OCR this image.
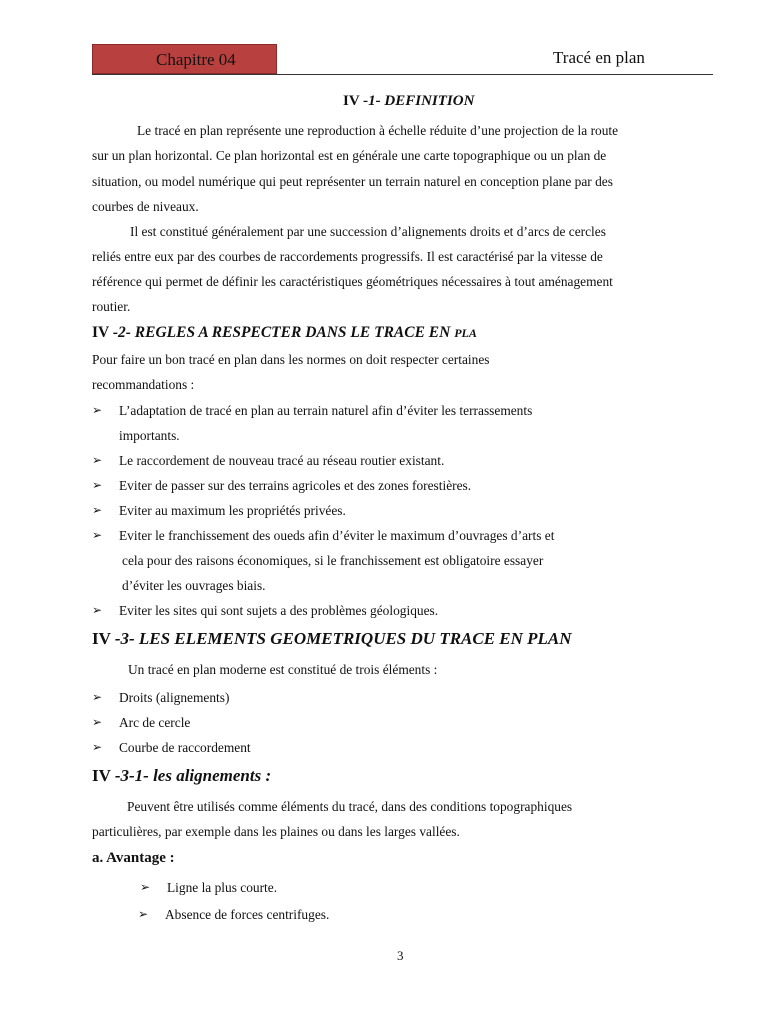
Chapitre 04	Tracé en plan
IV -1- DEFINITION
Le tracé en plan représente une reproduction à échelle réduite d’une projection de la route
sur un plan horizontal. Ce plan horizontal est en générale une carte topographique ou un plan de
situation, ou model numérique qui peut représenter un terrain naturel en conception plane par des
courbes de niveaux.
Il est constitué généralement par une succession d’alignements droits et d’arcs de cercles
reliés entre eux par des courbes de raccordements progressifs. Il est caractérisé par la vitesse de
référence qui permet de définir les caractéristiques géométriques nécessaires à tout aménagement
routier.
IV -2- REGLES A RESPECTER DANS LE TRACE EN PLA
Pour faire un bon tracé en plan dans les normes on doit respecter certaines
recommandations :
➢ L’adaptation de tracé en plan au terrain naturel afin d’éviter les terrassements
importants.
➢ Le raccordement de nouveau tracé au réseau routier existant.
➢ Eviter de passer sur des terrains agricoles et des zones forestières.
➢ Eviter au maximum les propriétés privées.
➢ Eviter le franchissement des oueds afin d’éviter le maximum d’ouvrages d’arts et
cela pour des raisons économiques, si le franchissement est obligatoire essayer
d’éviter les ouvrages biais.
➢ Eviter les sites qui sont sujets a des problèmes géologiques.
IV -3- LES ELEMENTS GEOMETRIQUES DU TRACE EN PLAN
Un tracé en plan moderne est constitué de trois éléments :
➢ Droits (alignements)
➢ Arc de cercle
➢ Courbe de raccordement
IV -3-1- les alignements :
Peuvent être utilisés comme éléments du tracé, dans des conditions topographiques
particulières, par exemple dans les plaines ou dans les larges vallées.
a. Avantage :
➢ Ligne la plus courte.
➢ Absence de forces centrifuges.
3
